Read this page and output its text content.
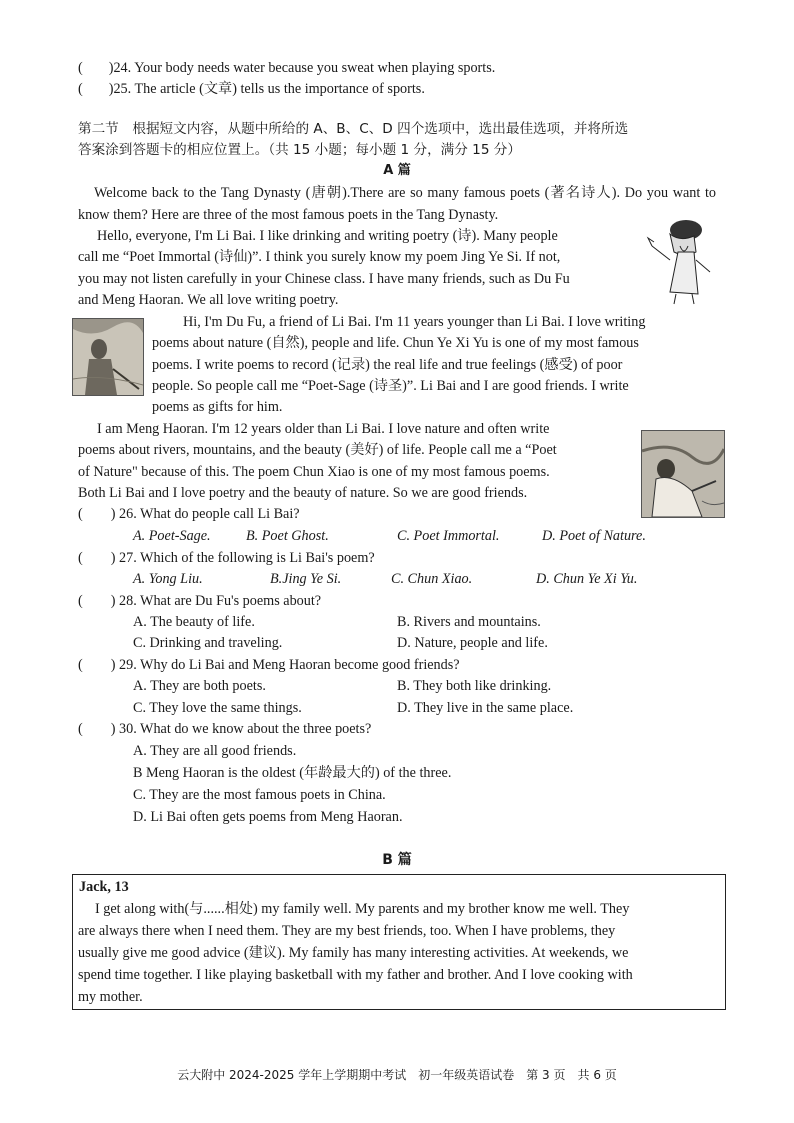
( )24. Your body needs water because you sweat when playing sports.
( )25. The article (文章) tells us the importance of sports.
第二节　根据短文内容，从题中所给的 A、B、C、D 四个选项中，选出最佳选项，并将所选
答案涂到答题卡的相应位置上。（共 15 小题；每小题 1 分，满分 15 分）
A 篇
Welcome back to the Tang Dynasty (唐朝).There are so many famous poets (著名诗人). Do you want to know them? Here are three of the most famous poets in the Tang Dynasty.
Hello, everyone, I'm Li Bai. I like drinking and writing poetry (诗). Many people
call me “Poet Immortal (诗仙)”. I think you surely know my poem Jing Ye Si. If not,
you may not listen carefully in your Chinese class. I have many friends, such as Du Fu
and Meng Haoran. We all love writing poetry.
Hi, I'm Du Fu, a friend of Li Bai. I'm 11 years younger than Li Bai. I love writing
poems about nature (自然), people and life. Chun Ye Xi Yu is one of my most famous
poems. I write poems to record (记录) the real life and true feelings (感受) of poor
people. So people call me “Poet-Sage (诗圣)”. Li Bai and I are good friends. I write
poems as gifts for him.
I am Meng Haoran. I'm 12 years older than Li Bai. I love nature and often write
poems about rivers, mountains, and the beauty (美好) of life. People call me a “Poet
of Nature" because of this. The poem Chun Xiao is one of my most famous poems.
Both Li Bai and I love poetry and the beauty of nature. So we are good friends.
( ) 26. What do people call Li Bai?
A. Poet-Sage. B. Poet Ghost.	C. Poet Immortal.	D. Poet of Nature.
( ) 27. Which of the following is Li Bai's poem?
A. Yong Liu.	B.Jing Ye Si.	C. Chun Xiao.	D. Chun Ye Xi Yu.
( ) 28. What are Du Fu's poems about?
A. The beauty of life.	B. Rivers and mountains.
C. Drinking and traveling.	D. Nature, people and life.
( ) 29. Why do Li Bai and Meng Haoran become good friends?
A. They are both poets.	B. They both like drinking.
C. They love the same things.	D. They live in the same place.
( ) 30. What do we know about the three poets?
A. They are all good friends.
B Meng Haoran is the oldest (年龄最大的) of the three.
C. They are the most famous poets in China.
D. Li Bai often gets poems from Meng Haoran.
B 篇
Jack, 13
I get along with(与......相处) my family well. My parents and my brother know me well. They
are always there when I need them. They are my best friends, too. When I have problems, they
usually give me good advice (建议). My family has many interesting activities. At weekends, we
spend time together. I like playing basketball with my father and brother. And I love cooking with
my mother.
云大附中 2024-2025 学年上学期期中考试　初一年级英语试卷　第 3 页　共 6 页
